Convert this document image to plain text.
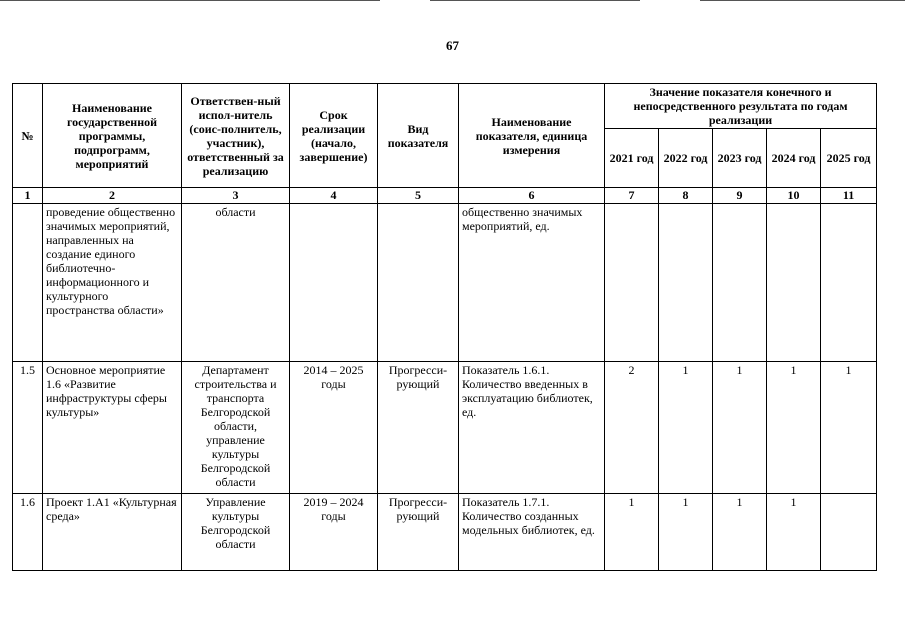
67
№	Наименование государственной программы, подпрограмм, мероприятий	Ответствен-ный испол-нитель (соис-полнитель, участник), ответственный за реализацию	Срок реализации (начало, завершение)	Вид показателя	Наименование показателя, единица измерения	Значение показателя конечного и непосредственного результата по годам реализации				
						2021 год	2022 год	2023 год	2024 год	2025 год
1	2	3	4	5	6	7	8	9	10	11
	проведение общественно значимых мероприятий, направленных на создание единого библиотечно-информационного и культурного пространства области»	области			общественно значимых мероприятий, ед.					
1.5	Основное мероприятие 1.6 «Развитие инфраструктуры сферы культуры»	Департамент строительства и транспорта Белгородской области, управление культуры Белгородской области	2014 – 2025 годы	Прогресси-рующий	Показатель 1.6.1. Количество введенных в эксплуатацию библиотек, ед.	2	1	1	1	1
1.6	Проект 1.А1 «Культурная среда»	Управление культуры Белгородской области	2019 – 2024 годы	Прогресси-рующий	Показатель 1.7.1. Количество созданных модельных библиотек, ед.	1	1	1	1	
